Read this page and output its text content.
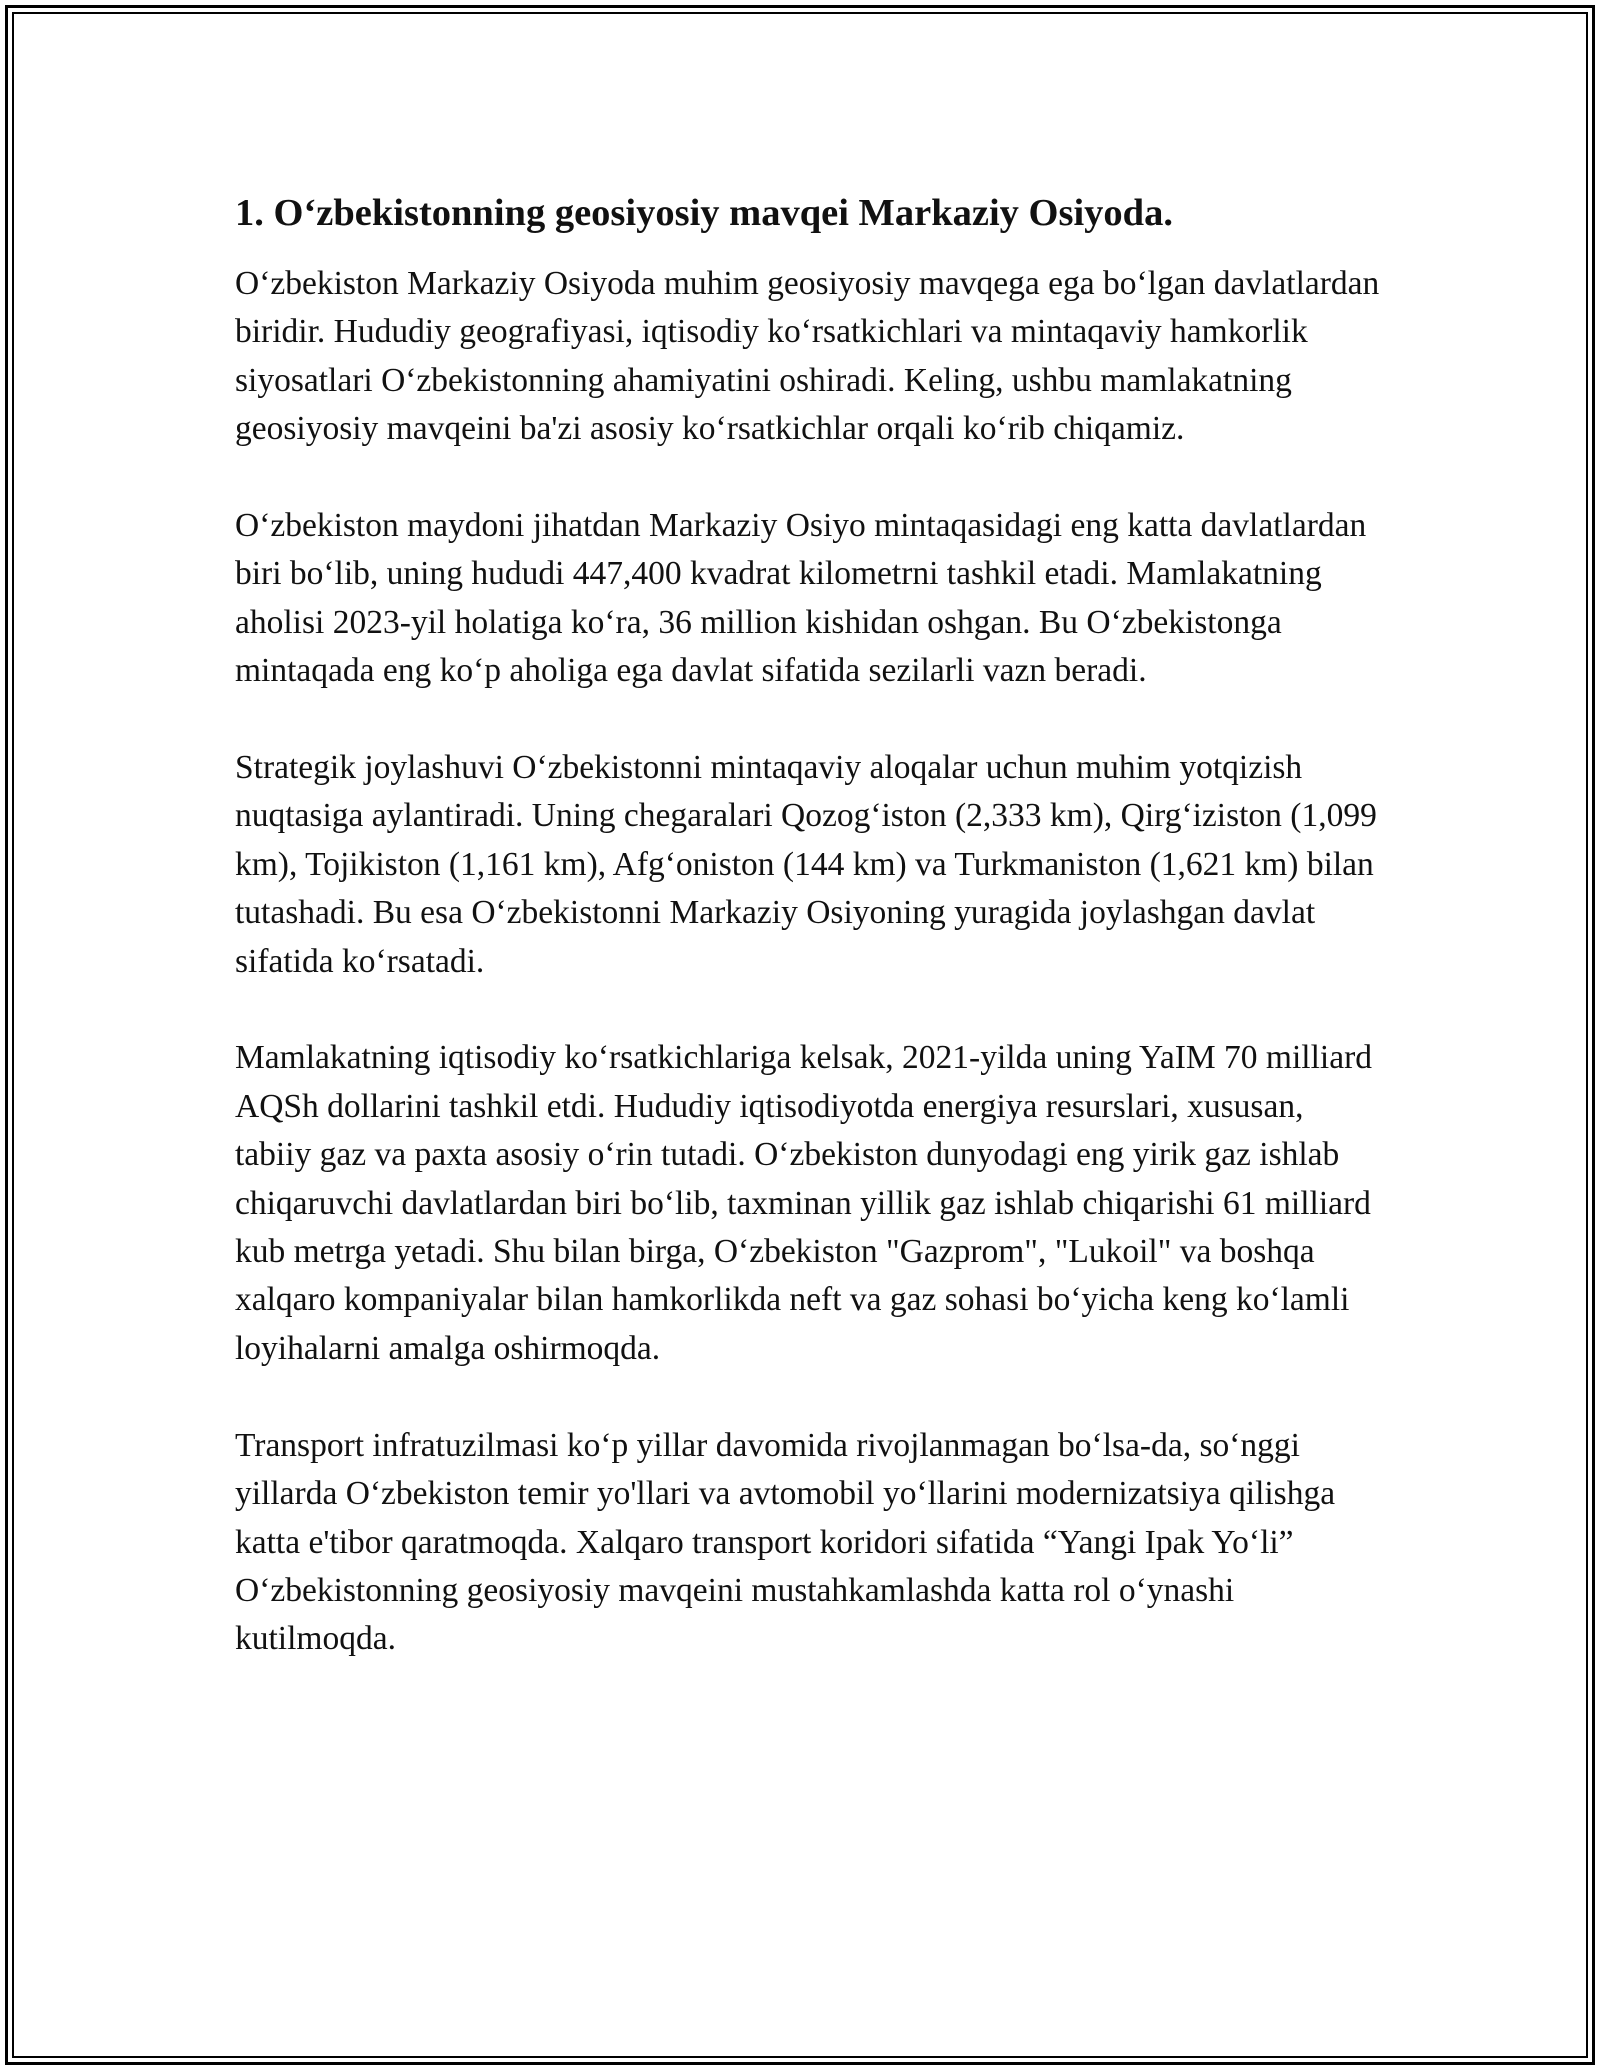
1. O‘zbekistonning geosiyosiy mavqei Markaziy Osiyoda.

O‘zbekiston Markaziy Osiyoda muhim geosiyosiy mavqega ega bo‘lgan davlatlardan biridir. Hududiy geografiyasi, iqtisodiy ko‘rsatkichlari va mintaqaviy hamkorlik siyosatlari O‘zbekistonning ahamiyatini oshiradi. Keling, ushbu mamlakatning geosiyosiy mavqeini ba'zi asosiy ko‘rsatkichlar orqali ko‘rib chiqamiz.

O‘zbekiston maydoni jihatdan Markaziy Osiyo mintaqasidagi eng katta davlatlardan biri bo‘lib, uning hududi 447,400 kvadrat kilometrni tashkil etadi. Mamlakatning aholisi 2023-yil holatiga ko‘ra, 36 million kishidan oshgan. Bu O‘zbekistonga mintaqada eng ko‘p aholiga ega davlat sifatida sezilarli vazn beradi.

Strategik joylashuvi O‘zbekistonni mintaqaviy aloqalar uchun muhim yotqizish nuqtasiga aylantiradi. Uning chegaralari Qozog‘iston (2,333 km), Qirg‘iziston (1,099 km), Tojikiston (1,161 km), Afg‘oniston (144 km) va Turkmaniston (1,621 km) bilan tutashadi. Bu esa O‘zbekistonni Markaziy Osiyoning yuragida joylashgan davlat sifatida ko‘rsatadi.

Mamlakatning iqtisodiy ko‘rsatkichlariga kelsak, 2021-yilda uning YaIM 70 milliard AQSh dollarini tashkil etdi. Hududiy iqtisodiyotda energiya resurslari, xususan, tabiiy gaz va paxta asosiy o‘rin tutadi. O‘zbekiston dunyodagi eng yirik gaz ishlab chiqaruvchi davlatlardan biri bo‘lib, taxminan yillik gaz ishlab chiqarishi 61 milliard kub metrga yetadi. Shu bilan birga, O‘zbekiston "Gazprom", "Lukoil" va boshqa xalqaro kompaniyalar bilan hamkorlikda neft va gaz sohasi bo‘yicha keng ko‘lamli loyihalarni amalga oshirmoqda.

Transport infratuzilmasi ko‘p yillar davomida rivojlanmagan bo‘lsa-da, so‘nggi yillarda O‘zbekiston temir yo'llari va avtomobil yo‘llarini modernizatsiya qilishga katta e'tibor qaratmoqda. Xalqaro transport koridori sifatida “Yangi Ipak Yo‘li” O‘zbekistonning geosiyosiy mavqeini mustahkamlashda katta rol o‘ynashi kutilmoqda.
